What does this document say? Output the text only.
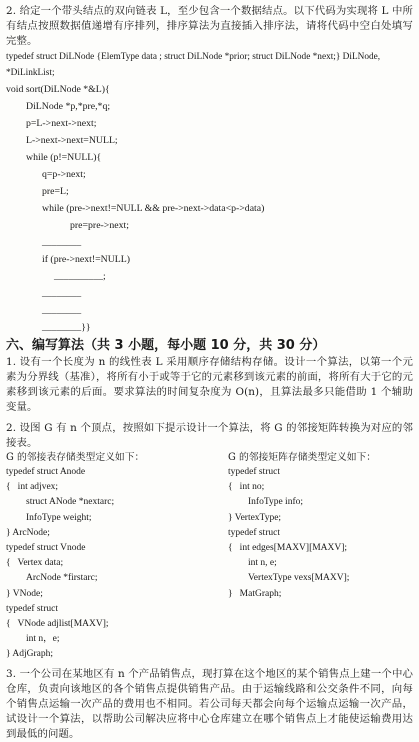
2. 给定一个带头结点的双向链表 L，至少包含一个数据结点。以下代码为实现将 L 中所有结点按照数据值递增有序排列，排序算法为直接插入排序法，请将代码中空白处填写完整。

typedef struct DiLNode {ElemType data ; struct DiLNode *prior; struct DiLNode *next;} DiLNode, *DiLinkList;

void sort(DiLNode *&L){

DiLNode *p,*pre,*q;

p=L->next->next;

L->next->next=NULL;

while (p!=NULL){

q=p->next;

pre=L;

while (pre->next!=NULL && pre->next->data<p->data)

pre=pre->next;

________

if (pre->next!=NULL)

__________;

________

________

________}}

六、编写算法（共 3 小题，每小题 10 分，共 30 分）

1. 设有一个长度为 n 的线性表 L 采用顺序存储结构存储。设计一个算法，以第一个元素为分界线（基准），将所有小于或等于它的元素移到该元素的前面，将所有大于它的元素移到该元素的后面。要求算法的时间复杂度为 O(n)，且算法最多只能借助 1 个辅助变量。

2. 设图 G 有 n 个顶点，按照如下提示设计一个算法，将 G 的邻接矩阵转换为对应的邻接表。

G 的邻接表存储类型定义如下：

typedef struct Anode

{   int adjvex;

struct ANode *nextarc;

InfoType weight;

} ArcNode;

typedef struct Vnode

{   Vertex data;

ArcNode *firstarc;

} VNode;

typedef struct

{   VNode adjlist[MAXV];

int n，e;

} AdjGraph;

G 的邻接矩阵存储类型定义如下：

typedef struct

{   int no;

InfoType info;

} VertexType;

typedef struct

{   int edges[MAXV][MAXV];

int n, e;

VertexType vexs[MAXV];

}   MatGraph;

3. 一个公司在某地区有 n 个产品销售点，现打算在这个地区的某个销售点上建一个中心仓库，负责向该地区的各个销售点提供销售产品。由于运输线路和公交条件不同，向每个销售点运输一次产品的费用也不相同。若公司每天都会向每个运输点运输一次产品，试设计一个算法，以帮助公司解决应将中心仓库建立在哪个销售点上才能使运输费用达到最低的问题。
